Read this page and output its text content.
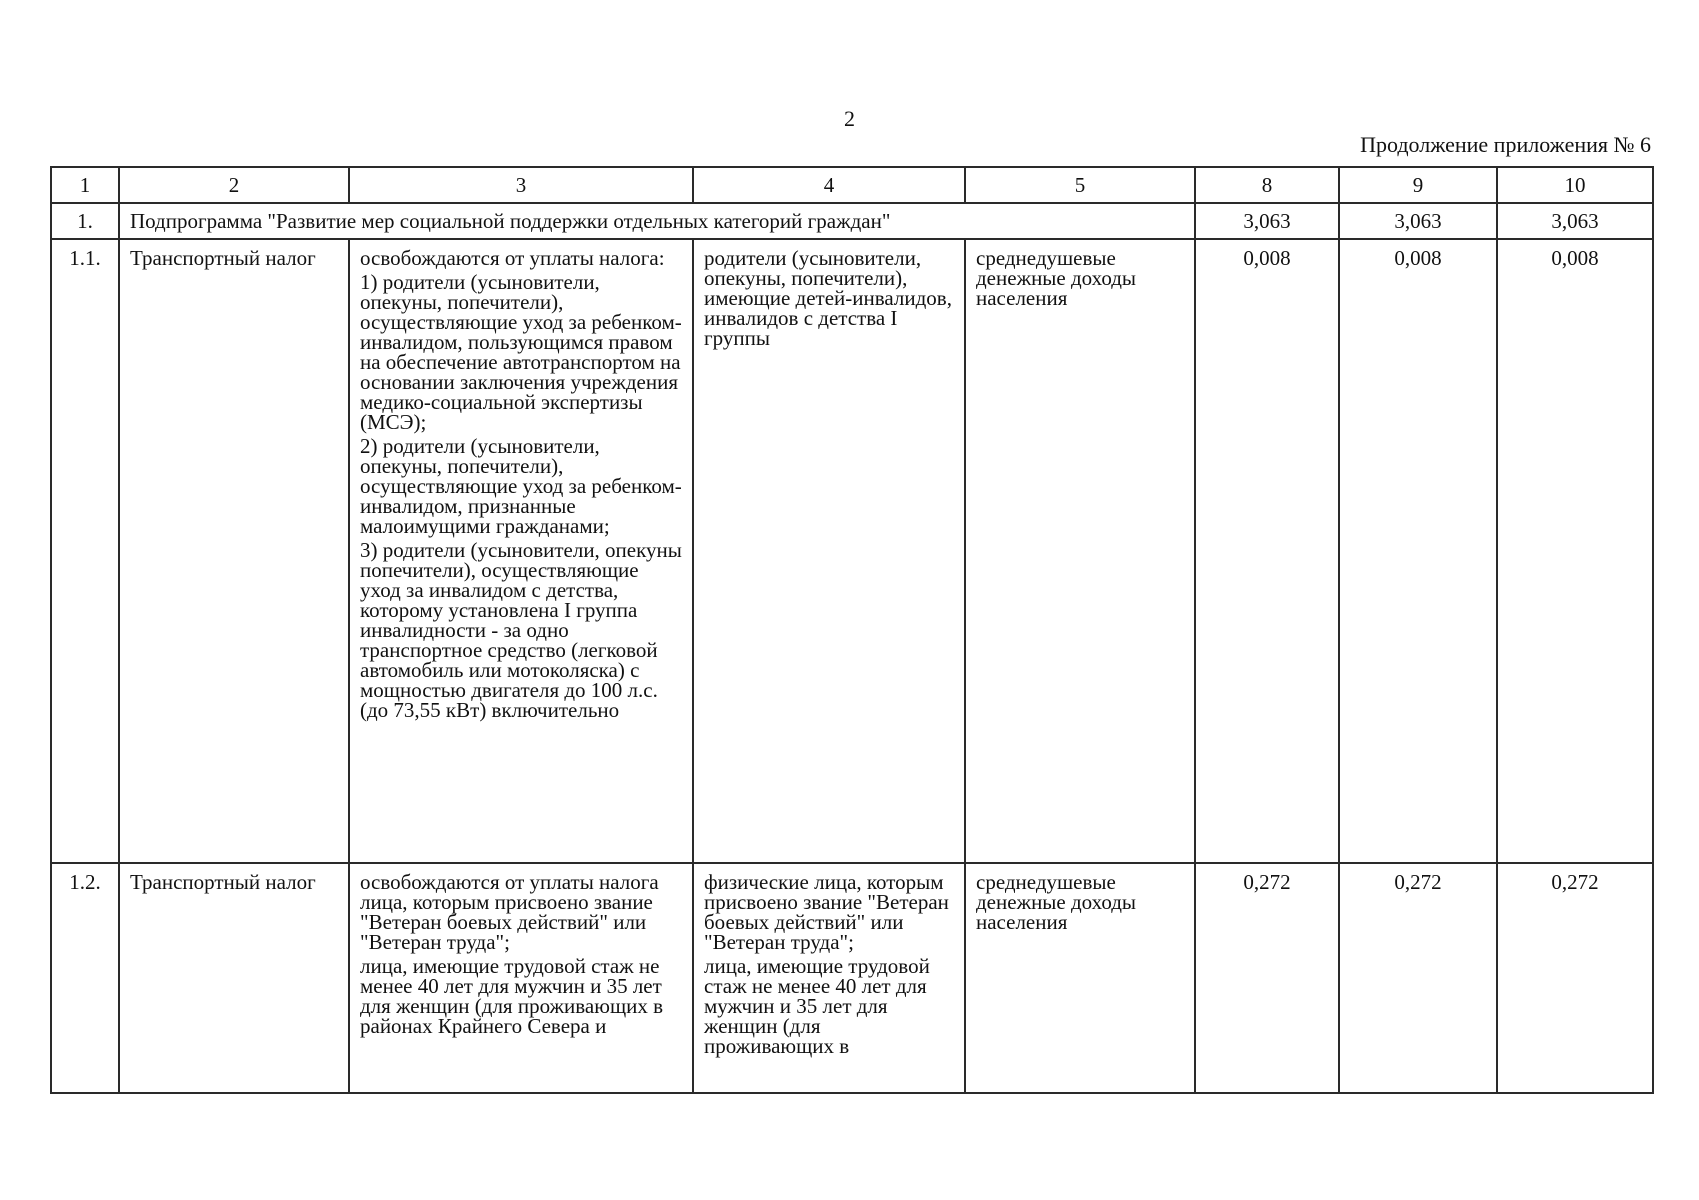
2
Продолжение приложения № 6
1	2	3	4	5	8	9	10
1.	Подпрограмма "Развитие мер социальной поддержки отдельных категорий граждан"				3,063	3,063	3,063
1.1.	Транспортный налог	освобождаются от уплаты налога:
1) родители (усыновители, опекуны, попечители), осуществляющие уход за ребенком-инвалидом, пользующимся правом на обеспечение автотранспортом на основании заключения учреждения медико-социальной экспертизы (МСЭ);
2) родители (усыновители, опекуны, попечители), осуществляющие уход за ребенком-инвалидом, признанные малоимущими гражданами;
3) родители (усыновители, опекуны попечители), осуществляющие уход за инвалидом с детства, которому установлена I группа инвалидности - за одно транспортное средство (легковой автомобиль или мотоколяска) с мощностью двигателя до 100 л.с. (до 73,55 кВт) включительно	родители (усыновители, опекуны, попечители), имеющие детей-инвалидов, инвалидов с детства I группы	среднедушевые денежные доходы населения	0,008	0,008	0,008
1.2.	Транспортный налог	освобождаются от уплаты налога лица, которым присвоено звание "Ветеран боевых действий" или "Ветеран труда";
лица, имеющие трудовой стаж не менее 40 лет для мужчин и 35 лет для женщин (для проживающих в районах Крайнего Севера и	физические лица, которым присвоено звание "Ветеран боевых действий" или "Ветеран труда";
лица, имеющие трудовой стаж не менее 40 лет для мужчин и 35 лет для женщин (для проживающих в	среднедушевые денежные доходы населения	0,272	0,272	0,272
